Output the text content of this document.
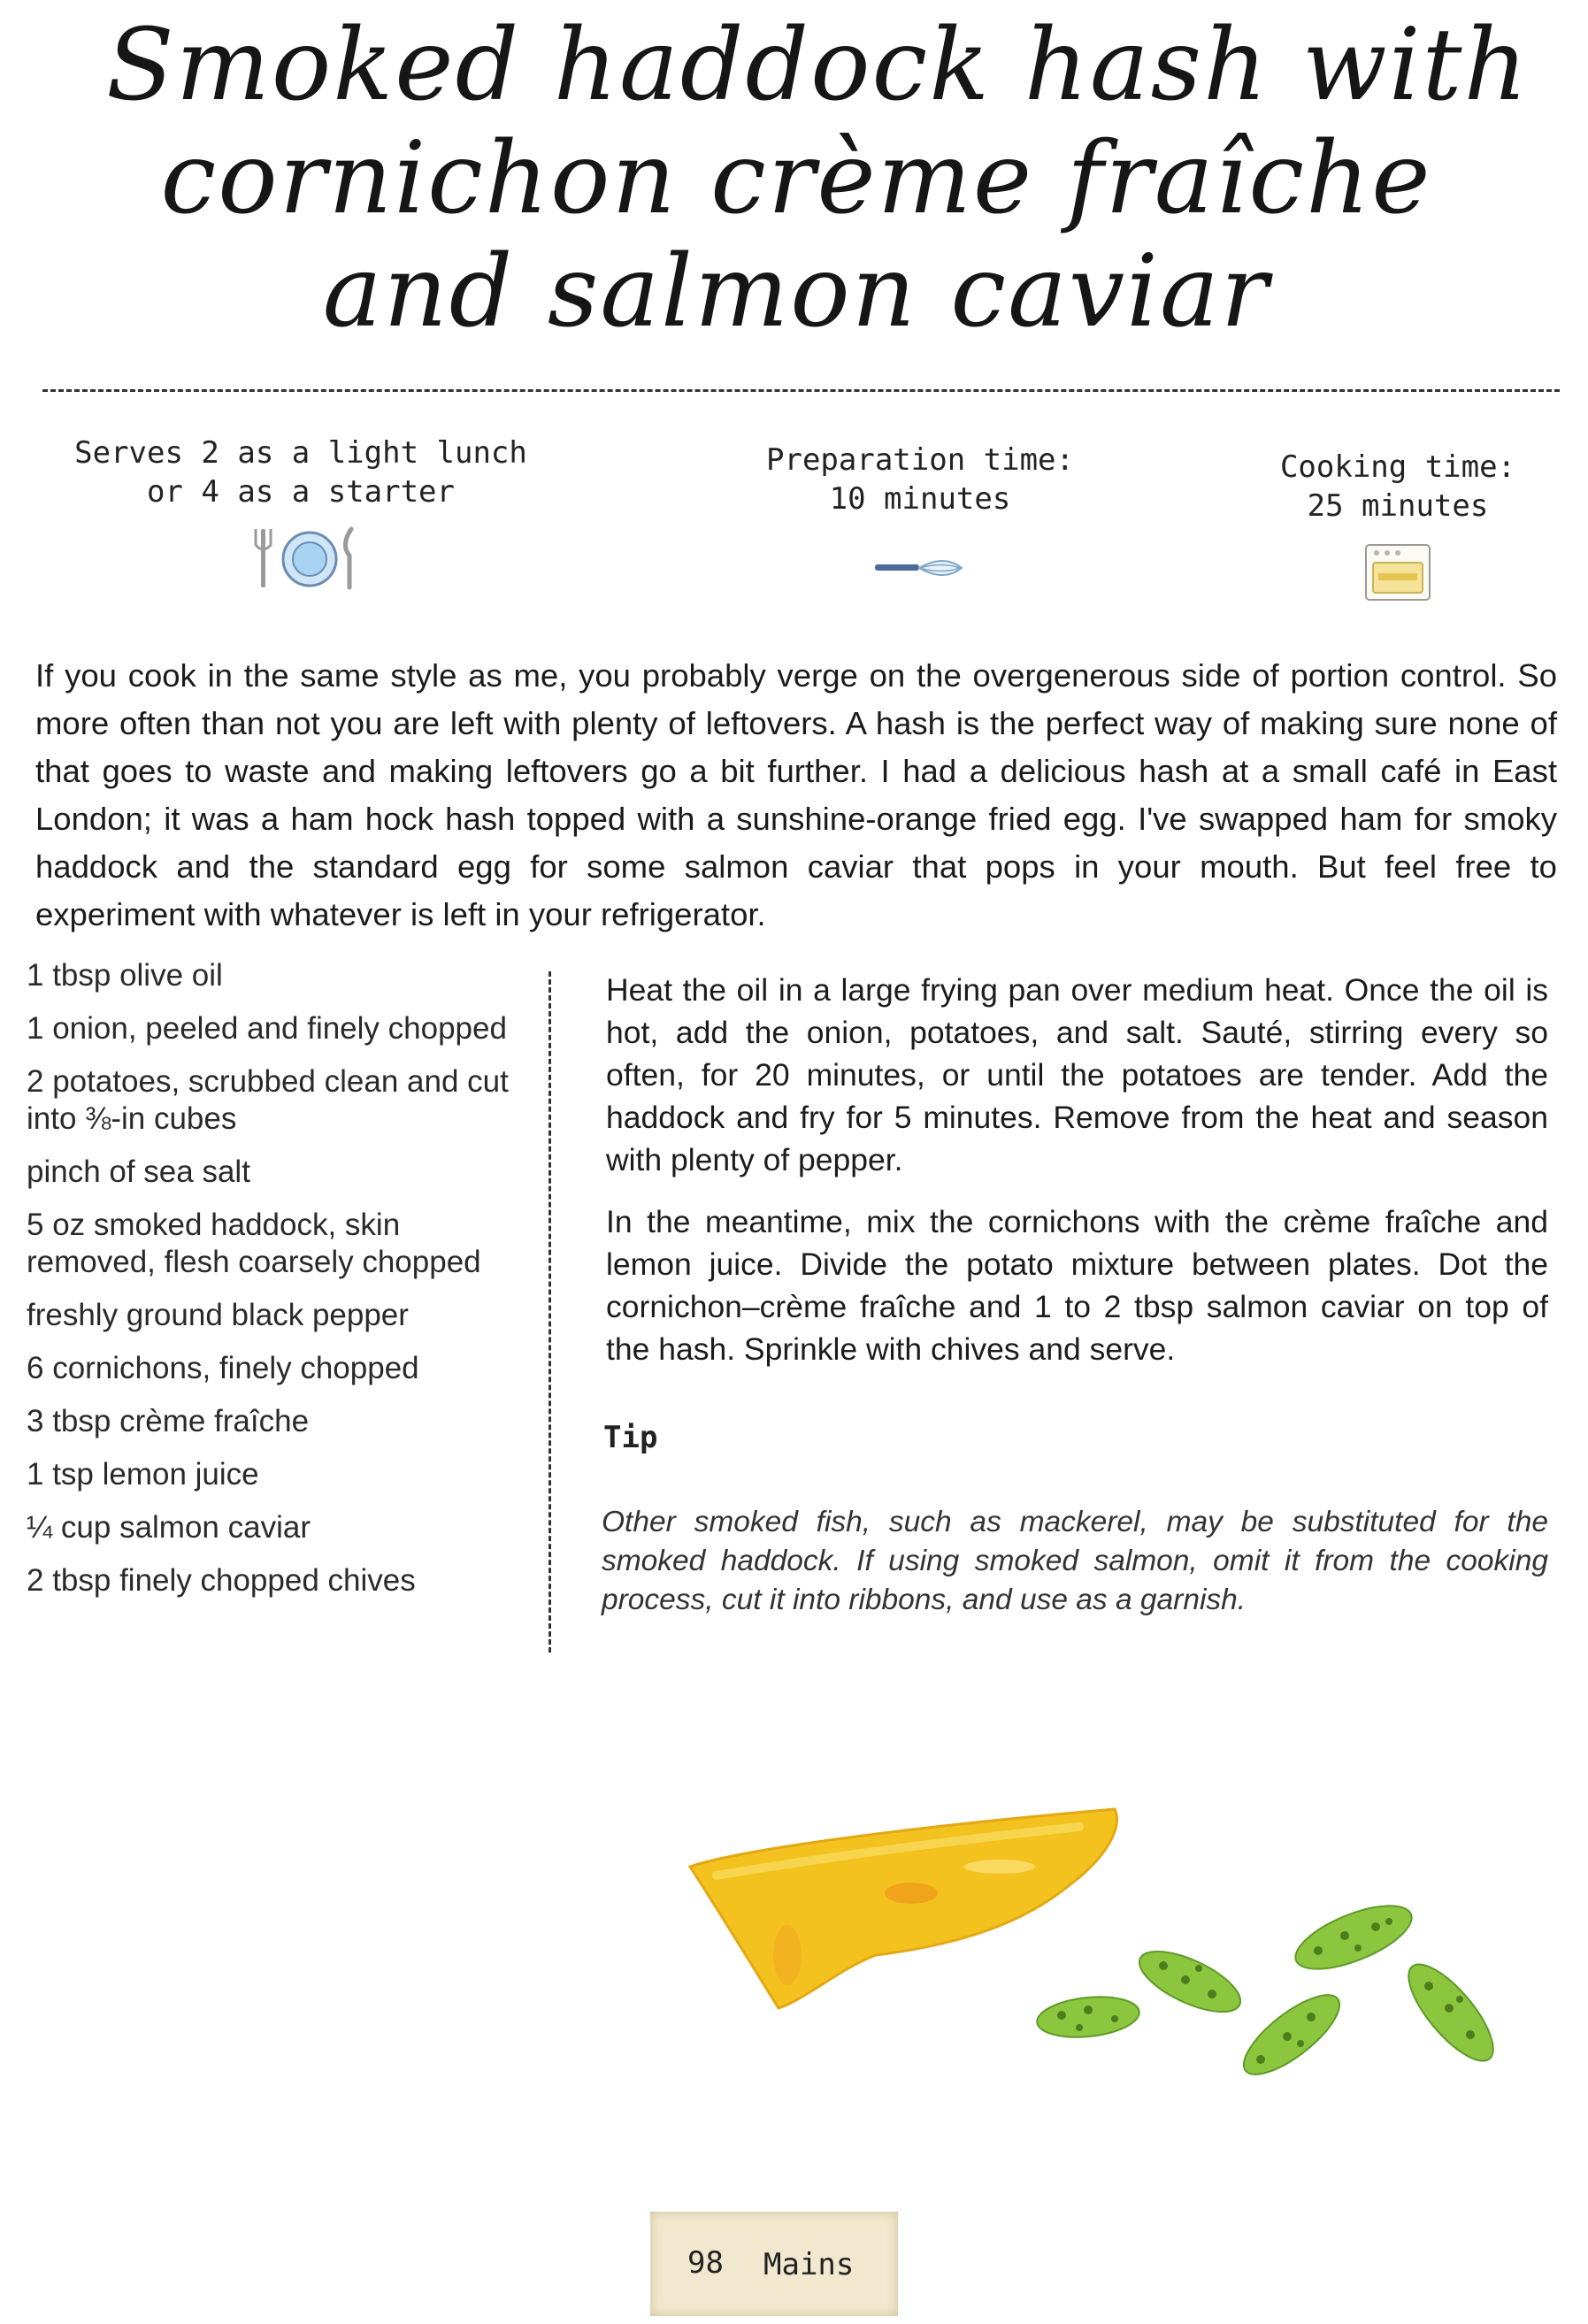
Smoked haddock hash with
cornichon crème fraîche
and salmon caviar
Serves 2 as a light lunch
or 4 as a starter
Preparation time:
10 minutes
Cooking time:
25 minutes

If you cook in the same style as me, you probably verge on the overgenerous side of portion control. So more often than not you are left with plenty of leftovers. A hash is the perfect way of making sure none of that goes to waste and making leftovers go a bit further. I had a delicious hash at a small café in East London; it was a ham hock hash topped with a sunshine-orange fried egg. I've swapped ham for smoky haddock and the standard egg for some salmon caviar that pops in your mouth. But feel free to experiment with whatever is left in your refrigerator.

1 tbsp olive oil
1 onion, peeled and finely chopped
2 potatoes, scrubbed clean and cut into ⅜-in cubes
pinch of sea salt
5 oz smoked haddock, skin removed, flesh coarsely chopped
freshly ground black pepper
6 cornichons, finely chopped
3 tbsp crème fraîche
1 tsp lemon juice
¼ cup salmon caviar
2 tbsp finely chopped chives

Heat the oil in a large frying pan over medium heat. Once the oil is hot, add the onion, potatoes, and salt. Sauté, stirring every so often, for 20 minutes, or until the potatoes are tender. Add the haddock and fry for 5 minutes. Remove from the heat and season with plenty of pepper.

In the meantime, mix the cornichons with the crème fraîche and lemon juice. Divide the potato mixture between plates. Dot the cornichon–crème fraîche and 1 to 2 tbsp salmon caviar on top of the hash. Sprinkle with chives and serve.

Tip

Other smoked fish, such as mackerel, may be substituted for the smoked haddock. If using smoked salmon, omit it from the cooking process, cut it into ribbons, and use as a garnish.

98 Mains
